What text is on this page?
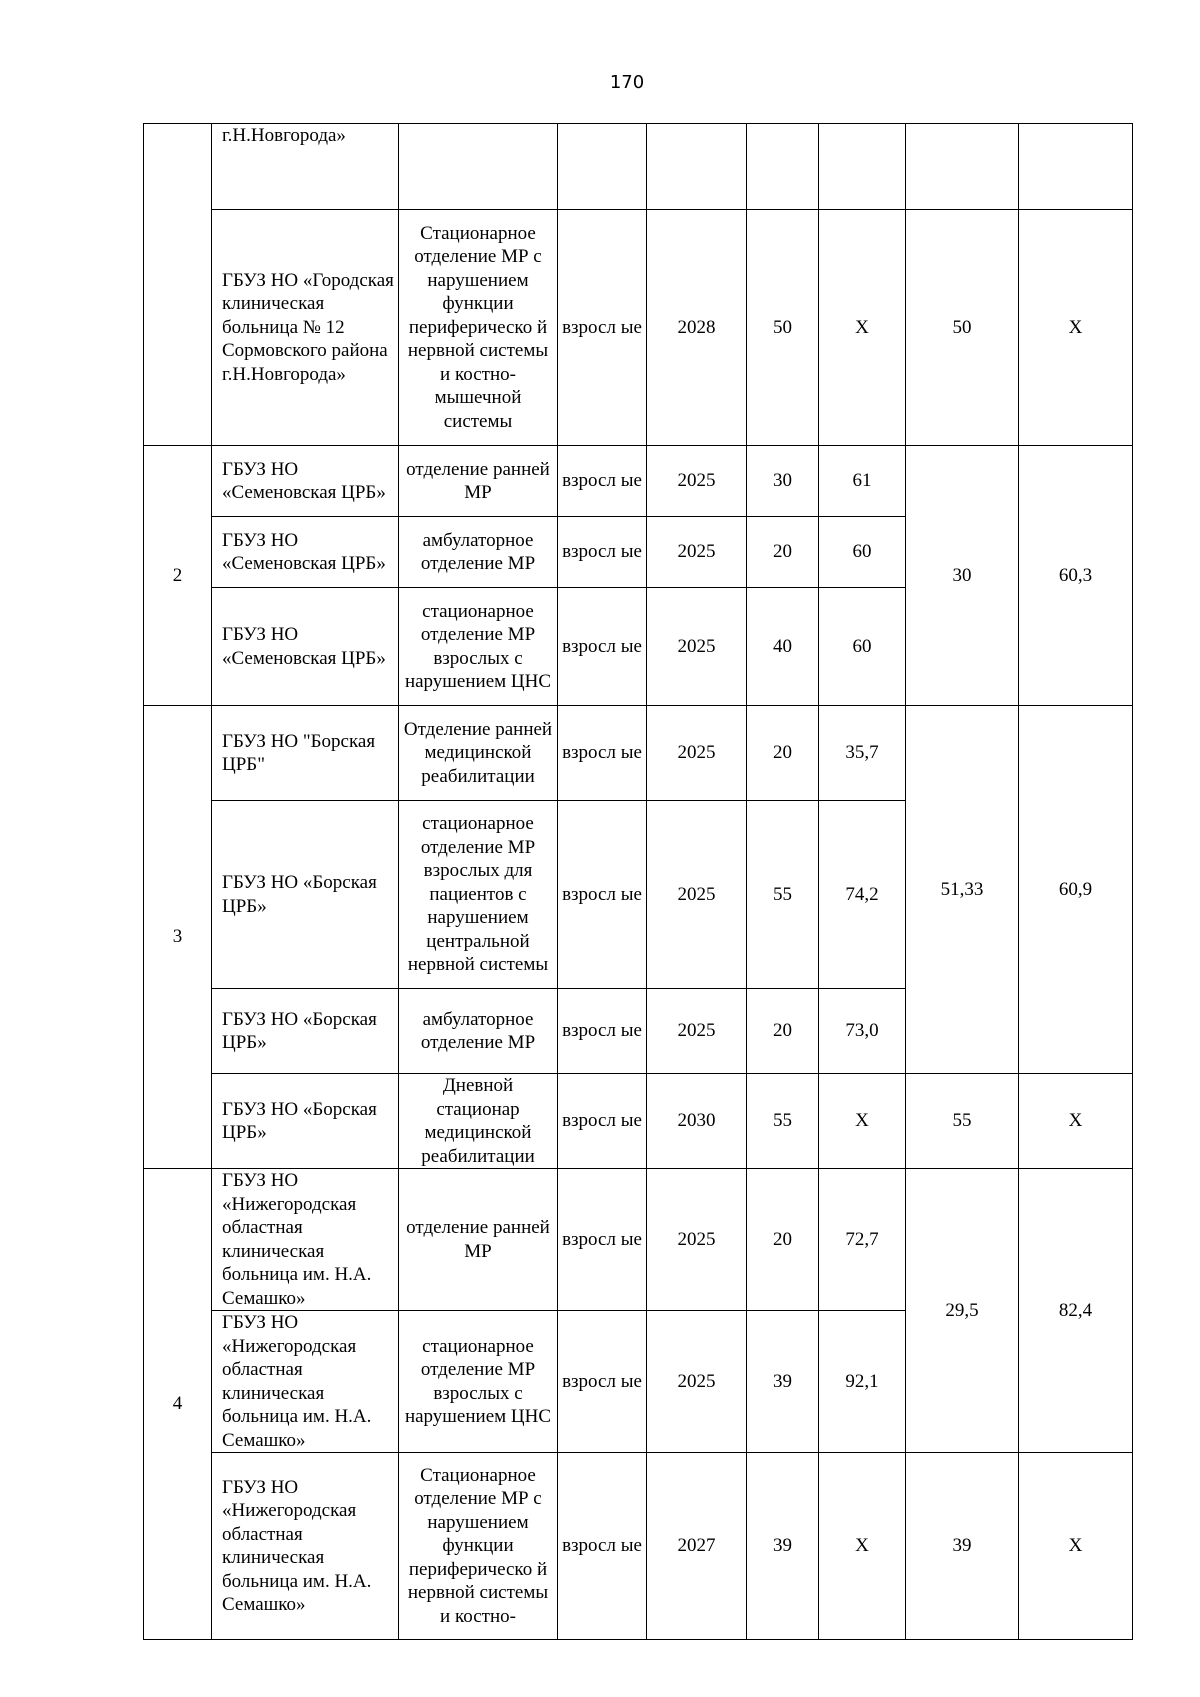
170
	г.Н.Новгорода»							
	ГБУЗ НО «Городская клиническая больница № 12 Сормовского района г.Н.Новгорода»	Стационарное отделение МР с нарушением функции периферическо й нервной системы и костно-мышечной системы	взросл ые	2028	50	Х	50	Х
2	ГБУЗ НО «Семеновская ЦРБ»	отделение ранней МР	взросл ые	2025	30	61	30	60,3
	ГБУЗ НО «Семеновская ЦРБ»	амбулаторное отделение МР	взросл ые	2025	20	60		
	ГБУЗ НО «Семеновская ЦРБ»	стационарное отделение МР взрослых с нарушением ЦНС	взросл ые	2025	40	60		
3	ГБУЗ НО "Борская ЦРБ"	Отделение ранней медицинской реабилитации	взросл ые	2025	20	35,7	51,33	60,9
	ГБУЗ НО «Борская ЦРБ»	стационарное отделение МР взрослых для пациентов с нарушением центральной нервной системы	взросл ые	2025	55	74,2		
	ГБУЗ НО «Борская ЦРБ»	амбулаторное отделение МР	взросл ые	2025	20	73,0		
	ГБУЗ НО «Борская ЦРБ»	Дневной стационар медицинской реабилитации	взросл ые	2030	55	Х	55	Х
4	ГБУЗ НО «Нижегородская областная клиническая больница им. Н.А. Семашко»	отделение ранней МР	взросл ые	2025	20	72,7	29,5	82,4
	ГБУЗ НО «Нижегородская областная клиническая больница им. Н.А. Семашко»	стационарное отделение МР взрослых с нарушением ЦНС	взросл ые	2025	39	92,1		
	ГБУЗ НО «Нижегородская областная клиническая больница им. Н.А. Семашко»	Стационарное отделение МР с нарушением функции периферическо й нервной системы и костно-	взросл ые	2027	39	Х	39	Х
